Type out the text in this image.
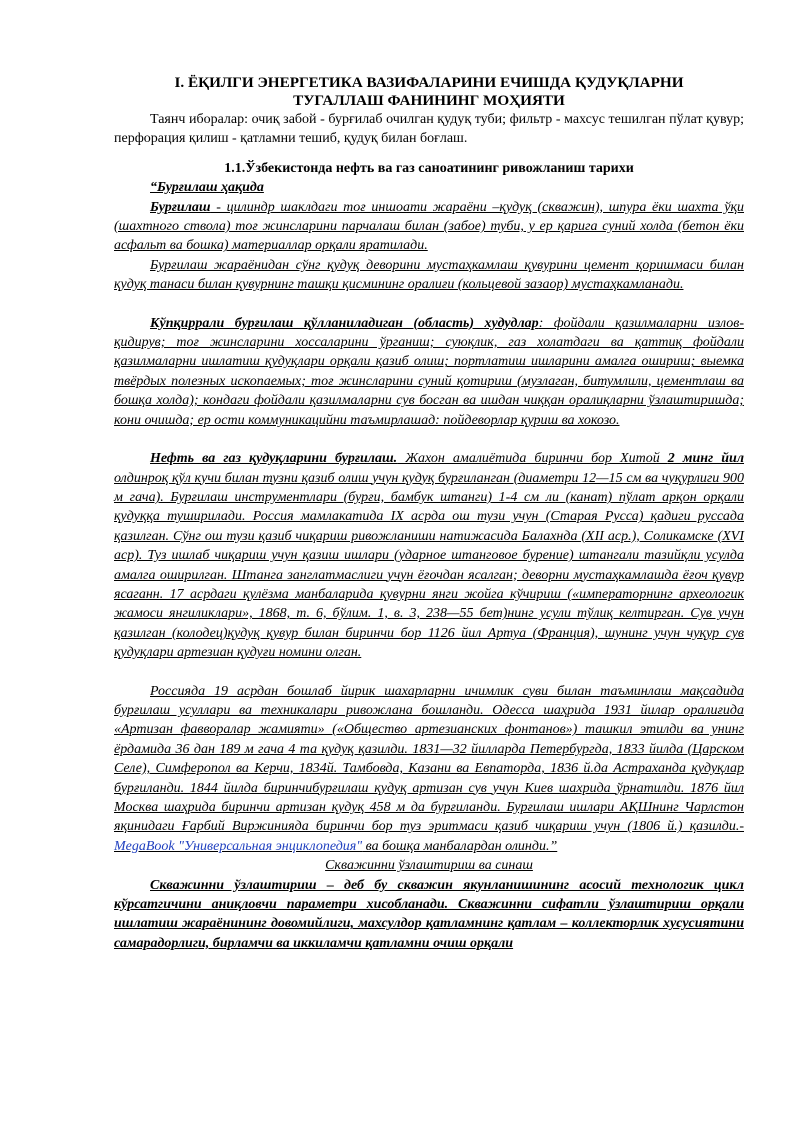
I. ЁҚИЛГИ ЭНЕРГЕТИКА ВАЗИФАЛАРИНИ ЕЧИШДА ҚУДУҚЛАРНИ

ТУГАЛЛАШ ФАНИНИНГ МОҲИЯТИ

Таянч иборалар: очиқ забой - бурғилаб очилган қудуқ туби; фильтр - махсус тешилган пўлат қувур; перфорация қилиш - қатламни тешиб, қудуқ билан боғлаш.

1.1.Ўзбекистонда нефть ва газ саноатининг ривожланиш тарихи

“Бурғилаш ҳақида

Бурғилаш - цилиндр шаклдаги тоғ иншоати жараёни –қудуқ (скважин), шпура ёки шахта ўқи (шахтного ствола) тоғ жинсларини парчалаш билан (забое) туби, у ер қарига суний холда (бетон ёки асфальт ва бошка) материаллар орқали яратилади.

Бурғилаш жараёнидан сўнг қудуқ деворини мустаҳкамлаш қувурини цемент қоришмаси билан қудуқ танаси билан қувурнинг ташқи қисмининг оралиғи (кольцевой зазаор) мустаҳкамланади.

Кўпқиррали бурғилаш қўлланиладиган (область) худудлар: фойдали қазилмаларни излов-қидирув; тоғ жинсларини хоссаларини ўрганиш; суюқлик, газ холатдаги ва қаттиқ фойдали қазилмаларни ишлатиш қудуқлари орқали қазиб олиш; портлатиш ишларини амалга ошириш; выемка твёрдых полезных ископаемых; тоғ жинсларини суний қотириш (музлаган, битумлили, цементлаш ва бошқа холда); кондаги фойдали қазилмаларни сув босган ва ишдан чиққан оралиқларни ўзлаштиришда; кони очишда; ер ости коммуникацийни таъмирлашад: пойдеворлар қуриш ва хокозо.

Нефть ва газ қудуқларини бурғилаш. Жахон амалиётида биринчи бор Хитой 2 минг йил олдинроқ қўл кучи билан тузни қазиб олиш учун қудуқ бурғиланган (диаметри 12—15 см ва чуқурлиги 900 м гача). Бурғилаш инструментлари (бурғи, бамбук штанги) 1-4 см ли (канат) пўлат арқон орқали қудуққа туширилади. Россия мамлакатида IX асрда ош тузи учун (Старая Русса) қадиги руссада қазилган. Сўнг ош тузи қазиб чиқариш ривожланиши натижасида Балахнда (XII аср.), Соликамске (XVI аср). Туз ишлаб чиқариш учун қазиш ишлари (ударное штанговое бурение) штангали тазийқли усулда амалга оширилган. Штанга занглатмаслиги учун ёғочдан ясалган; деворни мустаҳкамлашда ёғоч қувур ясаганн. 17 асрдаги қулёзма манбаларида қувурни янги жойга кўчириш («императорнинг археологик жамоси янгиликлари», 1868, т. 6, бўлим. 1, в. 3, 238—55 бет)нинг усули тўлиқ келтирган. Сув учун қазилган (колодец)қудуқ қувур билан биринчи бор 1126 йил Артуа (Франция), шунинг учун чуқур сув қудуқлари артезиан қудуғи номини олган.

Россияда 19 асрдан бошлаб йирик шахарларни ичимлик суви билан таъминлаш мақсадида бурғилаш усуллари ва техникалари ривожлана бошланди. Одесса шаҳрида 1931 йилар оралиғида «Артизан фавворалар жамияти» («Общество артезианских фонтанов») ташкил этилди ва унинг ёрдамида 36 дан 189 м гача 4 та қудуқ қазилди. 1831—32 йилларда Петербургда, 1833 йилда (Царском Селе), Симферопол ва Керчи, 1834й. Тамбовда, Казани ва Евпаторда, 1836 й.да Астраханда қудуқлар бурғиланди. 1844 йилда биринчибурғилаш қудуқ артизан сув учун Киев шахрида ўрнатилди. 1876 йил Москва шаҳрида биринчи артизан қудуқ 458 м да бурғиланди. Бурғилаш ишлари АҚШнинг Чарлстон яқинидаги Ғарбий Виржинияда биринчи бор туз эритмаси қазиб чиқариш учун (1806 й.) қазилди.- MegaBook "Универсальная энциклопедия" ва бошқа манбалардан олинди.”

Скважинни ўзлаштириш ва синаш

Скважинни ўзлаштириш – деб бу скважин якунланишининг асосий технологик цикл кўрсатгичини аниқловчи параметри хисобланади. Скважинни сифатли ўзлаштириш орқали ишлатиш жараёнининг довомийлиги, махсулдор қатламнинг қатлам – коллекторлик хусусиятини самарадорлиги, бирламчи ва иккиламчи қатламни очиш орқали
